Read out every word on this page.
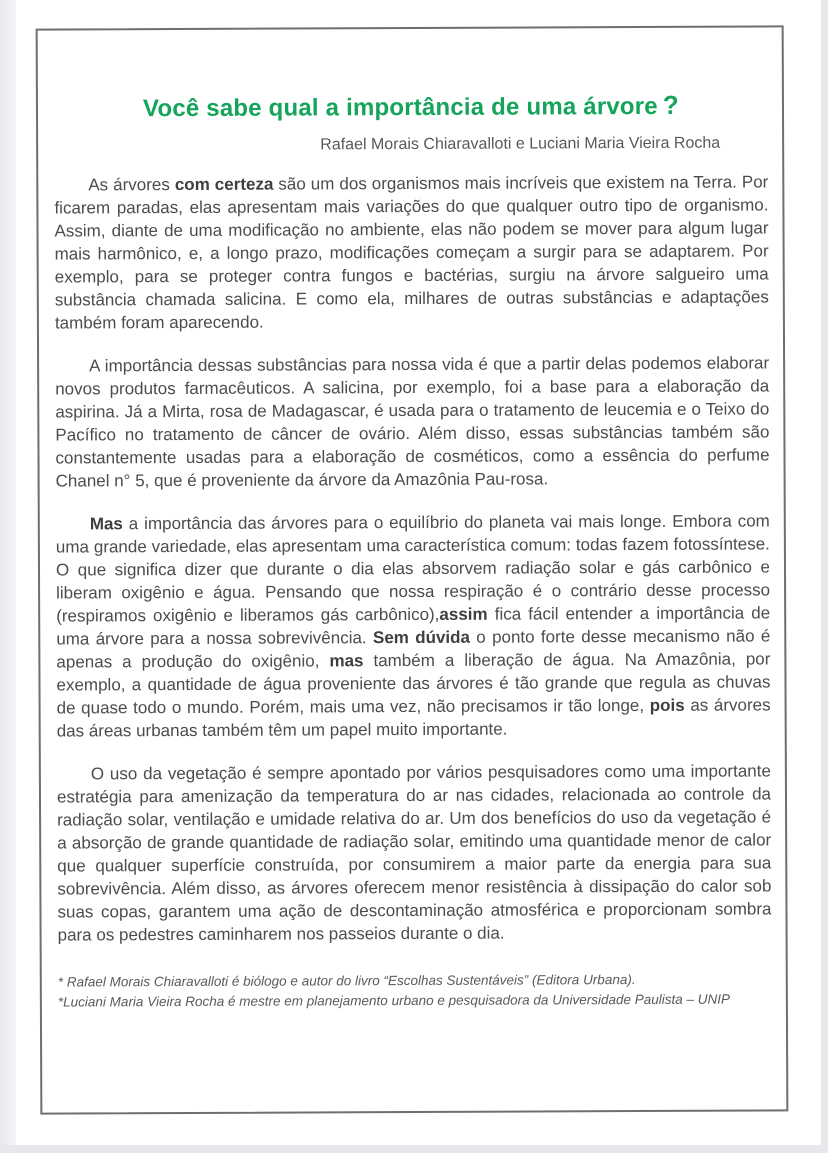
Você sabe qual a importância de uma árvore ?
Rafael Morais Chiaravalloti e Luciani Maria Vieira Rocha

As árvores com certeza são um dos organismos mais incríveis que existem na Terra. Por ficarem paradas, elas apresentam mais variações do que qualquer outro tipo de organismo. Assim, diante de uma modificação no ambiente, elas não podem se mover para algum lugar mais harmônico, e, a longo prazo, modificações começam a surgir para se adaptarem. Por exemplo, para se proteger contra fungos e bactérias, surgiu na árvore salgueiro uma substância chamada salicina. E como ela, milhares de outras substâncias e adaptações também foram aparecendo.

A importância dessas substâncias para nossa vida é que a partir delas podemos elaborar novos produtos farmacêuticos. A salicina, por exemplo, foi a base para a elaboração da aspirina. Já a Mirta, rosa de Madagascar, é usada para o tratamento de leucemia e o Teixo do Pacífico no tratamento de câncer de ovário. Além disso, essas substâncias também são constantemente usadas para a elaboração de cosméticos, como a essência do perfume Chanel n° 5, que é proveniente da árvore da Amazônia Pau-rosa.

Mas a importância das árvores para o equilíbrio do planeta vai mais longe. Embora com uma grande variedade, elas apresentam uma característica comum: todas fazem fotossíntese. O que significa dizer que durante o dia elas absorvem radiação solar e gás carbônico e liberam oxigênio e água. Pensando que nossa respiração é o contrário desse processo (respiramos oxigênio e liberamos gás carbônico),assim fica fácil entender a importância de uma árvore para a nossa sobrevivência. Sem dúvida o ponto forte desse mecanismo não é apenas a produção do oxigênio, mas também a liberação de água. Na Amazônia, por exemplo, a quantidade de água proveniente das árvores é tão grande que regula as chuvas de quase todo o mundo. Porém, mais uma vez, não precisamos ir tão longe, pois as árvores das áreas urbanas também têm um papel muito importante.

O uso da vegetação é sempre apontado por vários pesquisadores como uma importante estratégia para amenização da temperatura do ar nas cidades, relacionada ao controle da radiação solar, ventilação e umidade relativa do ar. Um dos benefícios do uso da vegetação é a absorção de grande quantidade de radiação solar, emitindo uma quantidade menor de calor que qualquer superfície construída, por consumirem a maior parte da energia para sua sobrevivência. Além disso, as árvores oferecem menor resistência à dissipação do calor sob suas copas, garantem uma ação de descontaminação atmosférica e proporcionam sombra para os pedestres caminharem nos passeios durante o dia.

* Rafael Morais Chiaravalloti é biólogo e autor do livro “Escolhas Sustentáveis” (Editora Urbana).

*Luciani Maria Vieira Rocha é mestre em planejamento urbano e pesquisadora da Universidade Paulista – UNIP
